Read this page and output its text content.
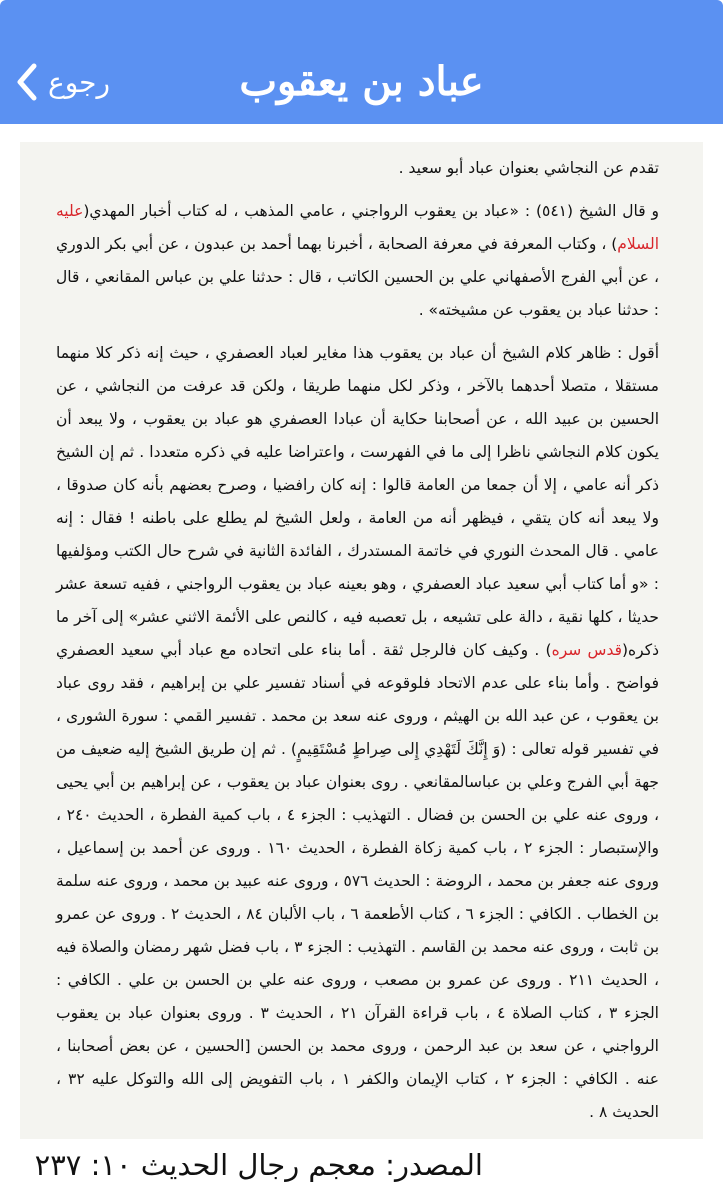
رجوع	عباد بن يعقوب

تقدم عن النجاشي بعنوان عباد أبو سعيد .

و قال الشيخ (٥٤١) : «عباد بن يعقوب الرواجني ، عامي المذهب ، له كتاب أخبار المهدي(عليه السلام) ، وكتاب المعرفة في معرفة الصحابة ، أخبرنا بهما أحمد بن عبدون ، عن أبي بكر الدوري ، عن أبي الفرج الأصفهاني علي بن الحسين الكاتب ، قال : حدثنا علي بن عباس المقانعي ، قال : حدثنا عباد بن يعقوب عن مشيخته» .

أقول : ظاهر كلام الشيخ أن عباد بن يعقوب هذا مغاير لعباد العصفري ، حيث إنه ذكر كلا منهما مستقلا ، متصلا أحدهما بالآخر ، وذكر لكل منهما طريقا ، ولكن قد عرفت من النجاشي ، عن الحسين بن عبيد الله ، عن أصحابنا حكاية أن عبادا العصفري هو عباد بن يعقوب ، ولا يبعد أن يكون كلام النجاشي ناظرا إلى ما في الفهرست ، واعتراضا عليه في ذكره متعددا . ثم إن الشيخ ذكر أنه عامي ، إلا أن جمعا من العامة قالوا : إنه كان رافضيا ، وصرح بعضهم بأنه كان صدوقا ، ولا يبعد أنه كان يتقي ، فيظهر أنه من العامة ، ولعل الشيخ لم يطلع على باطنه ! فقال : إنه عامي . قال المحدث النوري في خاتمة المستدرك ، الفائدة الثانية في شرح حال الكتب ومؤلفيها : «و أما كتاب أبي سعيد عباد العصفري ، وهو بعينه عباد بن يعقوب الرواجني ، ففيه تسعة عشر حديثا ، كلها نقية ، دالة على تشيعه ، بل تعصبه فيه ، كالنص على الأئمة الاثني عشر» إلى آخر ما ذكره(قدس سره) . وكيف كان فالرجل ثقة . أما بناء على اتحاده مع عباد أبي سعيد العصفري فواضح . وأما بناء على عدم الاتحاد فلوقوعه في أسناد تفسير علي بن إبراهيم ، فقد روى عباد بن يعقوب ، عن عبد الله بن الهيثم ، وروى عنه سعد بن محمد . تفسير القمي : سورة الشورى ، في تفسير قوله تعالى : (وَ إِنَّكَ لَتَهْدِي إِلى صِراطٍ مُسْتَقِيمٍ) . ثم إن طريق الشيخ إليه ضعيف من جهة أبي الفرج وعلي بن عباسالمقانعي . روى بعنوان عباد بن يعقوب ، عن إبراهيم بن أبي يحيى ، وروى عنه علي بن الحسن بن فضال . التهذيب : الجزء ٤ ، باب كمية الفطرة ، الحديث ٢٤٠ ، والإستبصار : الجزء ٢ ، باب كمية زكاة الفطرة ، الحديث ١٦٠ . وروى عن أحمد بن إسماعيل ، وروى عنه جعفر بن محمد ، الروضة : الحديث ٥٧٦ ، وروى عنه عبيد بن محمد ، وروى عنه سلمة بن الخطاب . الكافي : الجزء ٦ ، كتاب الأطعمة ٦ ، باب الألبان ٨٤ ، الحديث ٢ . وروى عن عمرو بن ثابت ، وروى عنه محمد بن القاسم . التهذيب : الجزء ٣ ، باب فضل شهر رمضان والصلاة فيه ، الحديث ٢١١ . وروى عن عمرو بن مصعب ، وروى عنه علي بن الحسن بن علي . الكافي : الجزء ٣ ، كتاب الصلاة ٤ ، باب قراءة القرآن ٢١ ، الحديث ٣ . وروى بعنوان عباد بن يعقوب الرواجني ، عن سعد بن عبد الرحمن ، وروى محمد بن الحسن [الحسين ، عن بعض أصحابنا ، عنه . الكافي : الجزء ٢ ، كتاب الإيمان والكفر ١ ، باب التفويض إلى الله والتوكل عليه ٣٢ ، الحديث ٨ .

المصدر: معجم رجال الحديث ١٠: ٢٣٧
